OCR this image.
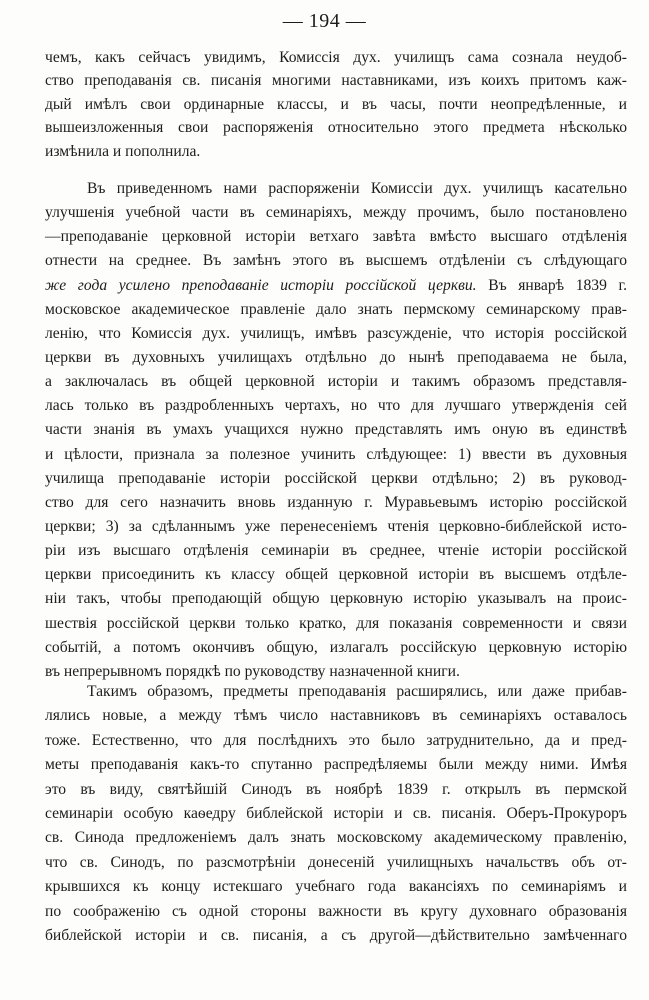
— 194 —
чемъ, какъ сейчасъ увидимъ, Комиссія дух. училищъ сама сознала неудоб-
ство преподаванія св. писанія многими наставниками, изъ коихъ притомъ каж-
дый имѣлъ свои ординарные классы, и въ часы, почти неопредѣленные, и
вышеизложенныя свои распоряженія относительно этого предмета нѣсколько
измѣнила и пополнила.
Въ приведенномъ нами распоряженіи Комиссіи дух. училищъ касательно
улучшенія учебной части въ семинаріяхъ, между прочимъ, было постановлено
—преподаваніе церковной исторіи ветхаго завѣта вмѣсто высшаго отдѣленія
отнести на среднее. Въ замѣнъ этого въ высшемъ отдѣленіи съ слѣдующаго
же года усилено преподаваніе исторіи россійской церкви. Въ январѣ 1839 г.
московское академическое правленіе дало знать пермскому семинарскому прав-
ленію, что Комиссія дух. училищъ, имѣвъ разсужденіе, что исторія россійской
церкви въ духовныхъ училищахъ отдѣльно до нынѣ преподаваема не была,
а заключалась въ общей церковной исторіи и такимъ образомъ представля-
лась только въ раздробленныхъ чертахъ, но что для лучшаго утвержденія сей
части знанія въ умахъ учащихся нужно представлять имъ оную въ единствѣ
и цѣлости, признала за полезное учинить слѣдующее: 1) ввести въ духовныя
училища преподаваніе исторіи россійской церкви отдѣльно; 2) въ руковод-
ство для сего назначить вновь изданную г. Муравьевымъ исторію россійской
церкви; 3) за сдѣланнымъ уже перенесеніемъ чтенія церковно-библейской исто-
ріи изъ высшаго отдѣленія семинаріи въ среднее, чтеніе исторіи россійской
церкви присоединить къ классу общей церковной исторіи въ высшемъ отдѣле-
ніи такъ, чтобы преподающій общую церковную исторію указывалъ на проис-
шествія россійской церкви только кратко, для показанія современности и связи
событій, а потомъ окончивъ общую, излагалъ россійскую церковную исторію
въ непрерывномъ порядкѣ по руководству назначенной книги.
Такимъ образомъ, предметы преподаванія расширялись, или даже прибав-
лялись новые, а между тѣмъ число наставниковъ въ семинаріяхъ оставалось
тоже. Естественно, что для послѣднихъ это было затруднительно, да и пред-
меты преподаванія какъ-то спутанно распредѣляемы были между ними. Имѣя
это въ виду, святѣйшій Синодъ въ ноябрѣ 1839 г. открылъ въ пермской
семинаріи особую каѳедру библейской исторіи и св. писанія. Оберъ-Прокуроръ
св. Синода предложеніемъ далъ знать московскому академическому правленію,
что св. Синодъ, по разсмотрѣніи донесеній училищныхъ начальствъ объ от-
крывшихся къ концу истекшаго учебнаго года вакансіяхъ по семинаріямъ и
по соображенію съ одной стороны важности въ кругу духовнаго образованія
библейской исторіи и св. писанія, а съ другой—дѣйствительно замѣченнаго
